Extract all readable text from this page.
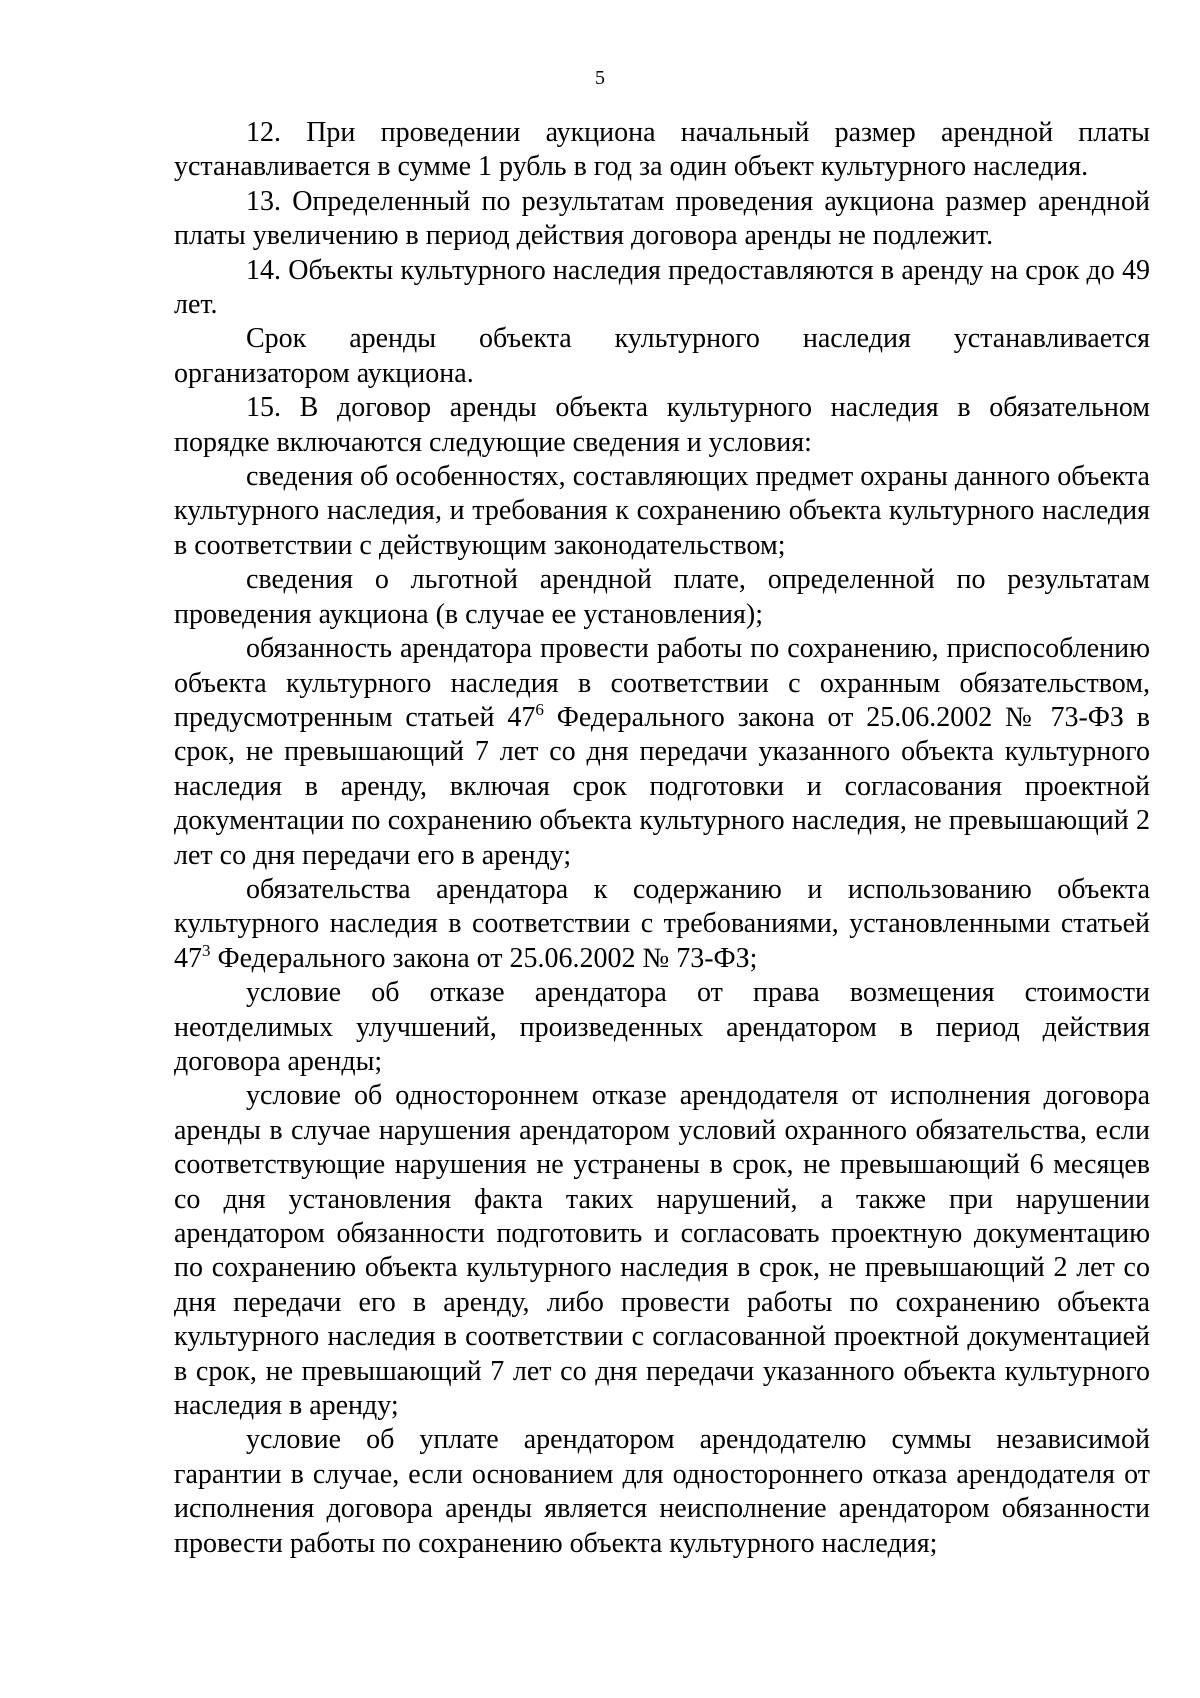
5

12. При проведении аукциона начальный размер арендной платы устанавливается в сумме 1 рубль в год за один объект культурного наследия.

13. Определенный по результатам проведения аукциона размер арендной платы увеличению в период действия договора аренды не подлежит.

14. Объекты культурного наследия предоставляются в аренду на срок до 49 лет.

Срок аренды объекта культурного наследия устанавливается организатором аукциона.

15. В договор аренды объекта культурного наследия в обязательном порядке включаются следующие сведения и условия:

сведения об особенностях, составляющих предмет охраны данного объекта культурного наследия, и требования к сохранению объекта культурного наследия в соответствии с действующим законодательством;

сведения о льготной арендной плате, определенной по результатам проведения аукциона (в случае ее установления);

обязанность арендатора провести работы по сохранению, приспособлению объекта культурного наследия в соответствии с охранным обязательством, предусмотренным статьей $47^6$ Федерального закона от 25.06.2002 № 73-ФЗ в срок, не превышающий 7 лет со дня передачи указанного объекта культурного наследия в аренду, включая срок подготовки и согласования проектной документации по сохранению объекта культурного наследия, не превышающий 2 лет со дня передачи его в аренду;

обязательства арендатора к содержанию и использованию объекта культурного наследия в соответствии с требованиями, установленными статьей $47^3$ Федерального закона от 25.06.2002 № 73-ФЗ;

условие об отказе арендатора от права возмещения стоимости неотделимых улучшений, произведенных арендатором в период действия договора аренды;

условие об одностороннем отказе арендодателя от исполнения договора аренды в случае нарушения арендатором условий охранного обязательства, если соответствующие нарушения не устранены в срок, не превышающий 6 месяцев со дня установления факта таких нарушений, а также при нарушении арендатором обязанности подготовить и согласовать проектную документацию по сохранению объекта культурного наследия в срок, не превышающий 2 лет со дня передачи его в аренду, либо провести работы по сохранению объекта культурного наследия в соответствии с согласованной проектной документацией в срок, не превышающий 7 лет со дня передачи указанного объекта культурного наследия в аренду;

условие об уплате арендатором арендодателю суммы независимой гарантии в случае, если основанием для одностороннего отказа арендодателя от исполнения договора аренды является неисполнение арендатором обязанности провести работы по сохранению объекта культурного наследия;
